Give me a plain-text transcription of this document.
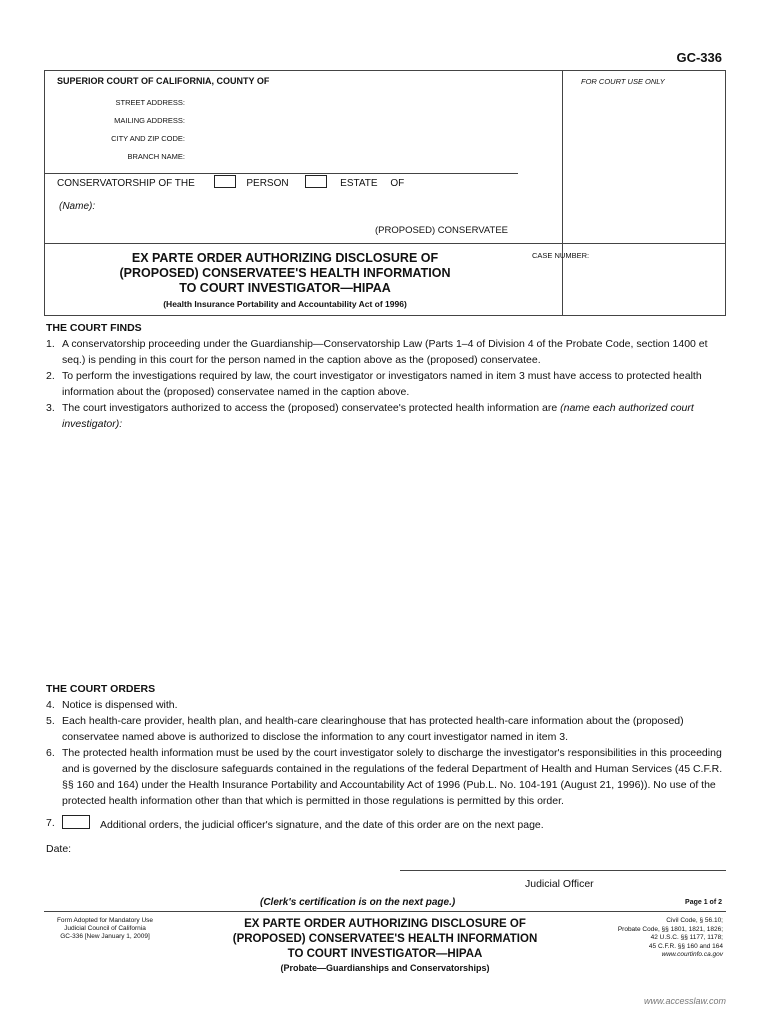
GC-336
SUPERIOR COURT OF CALIFORNIA, COUNTY OF	FOR COURT USE ONLY
STREET ADDRESS:
MAILING ADDRESS:
CITY AND ZIP CODE:
BRANCH NAME:
CONSERVATORSHIP OF THE	PERSON	ESTATE OF
(Name):
(PROPOSED) CONSERVATEE
EX PARTE ORDER AUTHORIZING DISCLOSURE OF
(PROPOSED) CONSERVATEE'S HEALTH INFORMATION
TO COURT INVESTIGATOR—HIPAA
(Health Insurance Portability and Accountability Act of 1996)
CASE NUMBER:
THE COURT FINDS
1. A conservatorship proceeding under the Guardianship—Conservatorship Law (Parts 1–4 of Division 4 of the Probate Code, section 1400 et seq.) is pending in this court for the person named in the caption above as the (proposed) conservatee.
2. To perform the investigations required by law, the court investigator or investigators named in item 3 must have access to protected health information about the (proposed) conservatee named in the caption above.
3. The court investigators authorized to access the (proposed) conservatee's protected health information are (name each authorized court investigator):
THE COURT ORDERS
4. Notice is dispensed with.
5. Each health-care provider, health plan, and health-care clearinghouse that has protected health-care information about the (proposed) conservatee named above is authorized to disclose the information to any court investigator named in item 3.
6. The protected health information must be used by the court investigator solely to discharge the investigator's responsibilities in this proceeding and is governed by the disclosure safeguards contained in the regulations of the federal Department of Health and Human Services (45 C.F.R. §§ 160 and 164) under the Health Insurance Portability and Accountability Act of 1996 (Pub.L. No. 104-191 (August 21, 1996)). No use of the protected health information other than that which is permitted in those regulations is permitted by this order.
7.	Additional orders, the judicial officer's signature, and the date of this order are on the next page.
Date:
Judicial Officer
(Clerk's certification is on the next page.)	Page 1 of 2
Form Adopted for Mandatory Use
Judicial Council of California
GC-336 [New January 1, 2009]
EX PARTE ORDER AUTHORIZING DISCLOSURE OF
(PROPOSED) CONSERVATEE'S HEALTH INFORMATION
TO COURT INVESTIGATOR—HIPAA
(Probate—Guardianships and Conservatorships)
Civil Code, § 56.10;
Probate Code, §§ 1801, 1821, 1826;
42 U.S.C. §§ 1177, 1178;
45 C.F.R. §§ 160 and 164
www.courtinfo.ca.gov
www.accesslaw.com
